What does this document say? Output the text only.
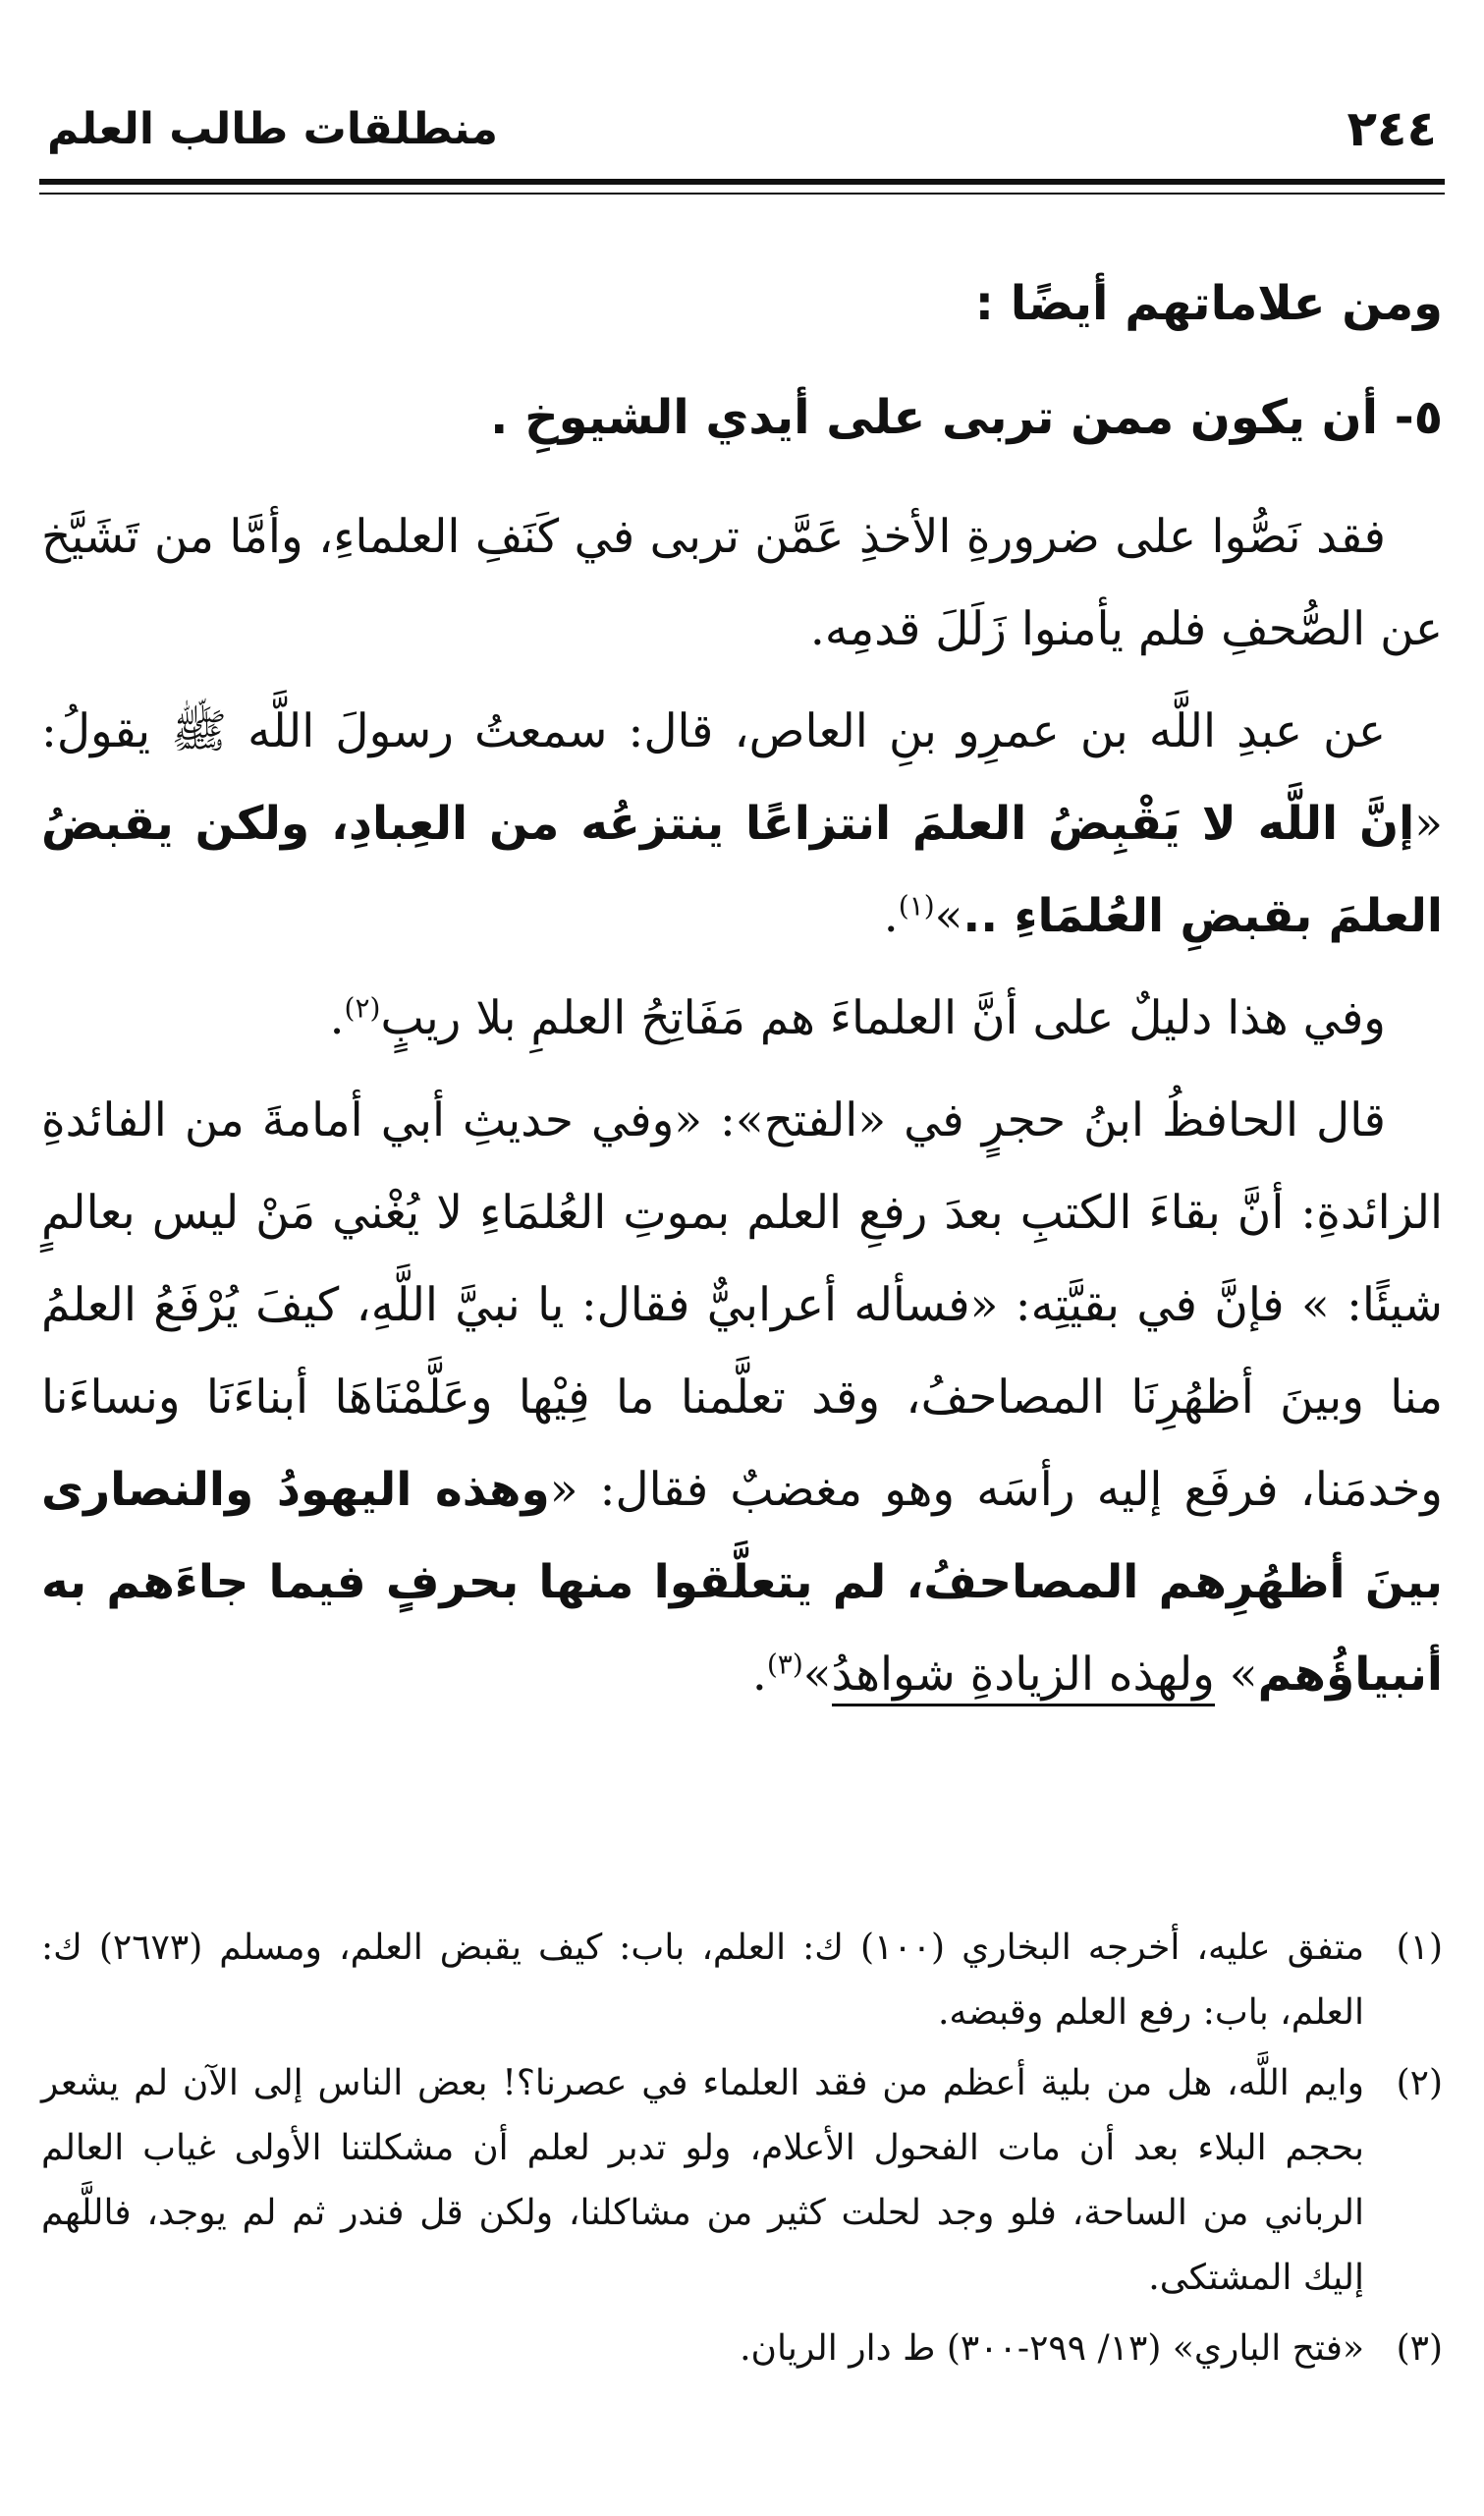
٢٤٤
منطلقات طالب العلم

ومن علاماتهم أيضًا :

٥- أن يكون ممن تربى على أيدي الشيوخِ .

فقد نَصُّوا على ضرورةِ الأخذِ عَمَّن تربى في كَنَفِ العلماءِ، وأمَّا من تَشَيَّخ عن الصُّحفِ فلم يأمنوا زَلَلَ قدمِه.

عن عبدِ اللَّه بن عمرِو بنِ العاص، قال: سمعتُ رسولَ اللَّه ﷺ يقولُ: «إنَّ اللَّه لا يَقْبِضُ العلمَ انتزاعًا ينتزعُه من العِبادِ، ولكن يقبضُ العلمَ بقبضِ العُلمَاءِ ..»$^{(١)}$.

وفي هذا دليلٌ على أنَّ العلماءَ هم مَفَاتِحُ العلمِ بلا ريبٍ$^{(٢)}$.

قال الحافظُ ابنُ حجرٍ في «الفتح»: «وفي حديثِ أبي أمامةَ من الفائدةِ الزائدةِ: أنَّ بقاءَ الكتبِ بعدَ رفعِ العلم بموتِ العُلمَاءِ لا يُغْني مَنْ ليس بعالمٍ شيئًا: » فإنَّ في بقيَّتِه: «فسأله أعرابيٌّ فقال: يا نبيَّ اللَّهِ، كيفَ يُرْفَعُ العلمُ منا وبينَ أظهُرِنَا المصاحفُ، وقد تعلَّمنا ما فِيْها وعَلَّمْنَاهَا أبناءَنَا ونساءَنا وخدمَنا، فرفَع إليه رأسَه وهو مغضبٌ فقال: «وهذه اليهودُ والنصارى بينَ أظهُرِهم المصاحفُ، لم يتعلَّقوا منها بحرفٍ فيما جاءَهم به أنبياؤُهم» ولهذه الزيادةِ شواهدُ»$^{(٣)}$.

(١)
متفق عليه، أخرجه البخاري (١٠٠) ك: العلم، باب: كيف يقبض العلم، ومسلم (٢٦٧٣) ك: العلم، باب: رفع العلم وقبضه.
(٢)
وايم اللَّه، هل من بلية أعظم من فقد العلماء في عصرنا؟! بعض الناس إلى الآن لم يشعر بحجم البلاء بعد أن مات الفحول الأعلام، ولو تدبر لعلم أن مشكلتنا الأولى غياب العالم الرباني من الساحة، فلو وجد لحلت كثير من مشاكلنا، ولكن قل فندر ثم لم يوجد، فاللَّهم إليك المشتكى.
(٣)
«فتح الباري» (١٣/ ٢٩٩-٣٠٠) ط دار الريان.
